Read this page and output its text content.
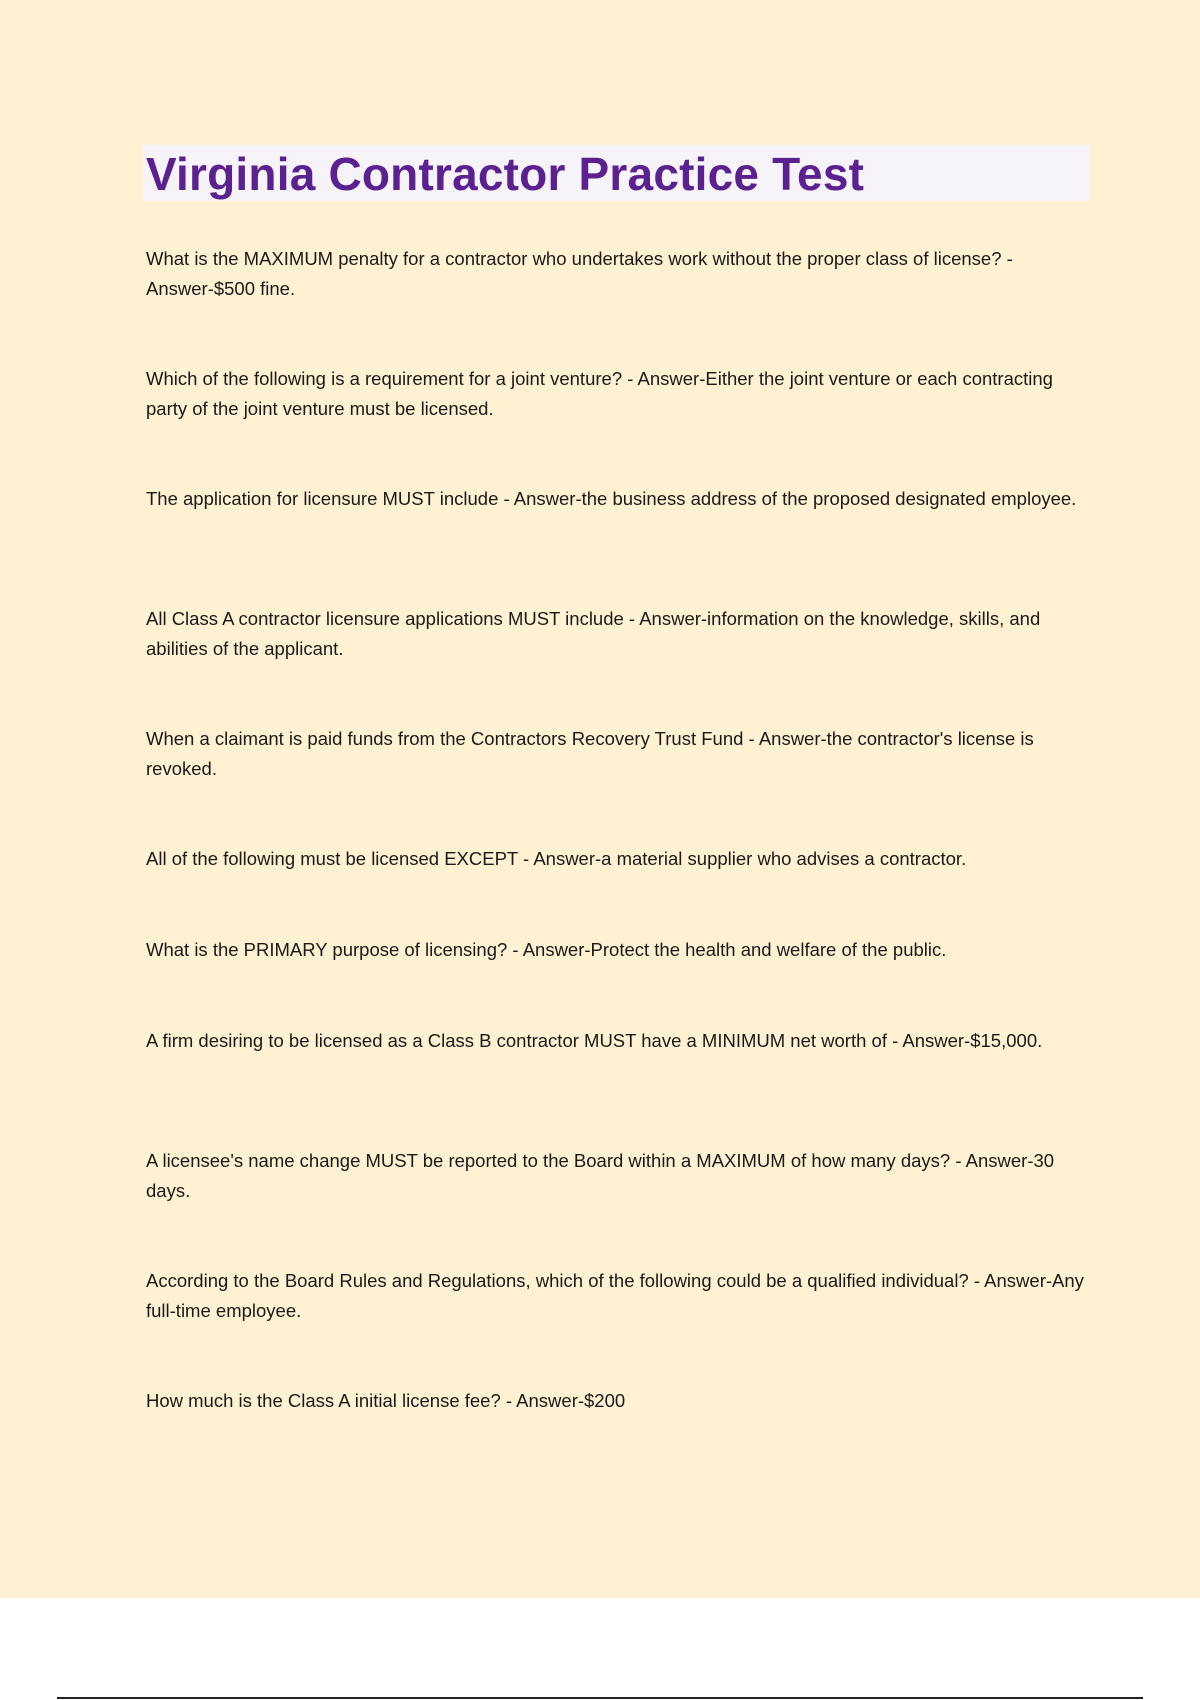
Virginia Contractor Practice Test

What is the MAXIMUM penalty for a contractor who undertakes work without the proper class of license? - Answer-$500 fine.

Which of the following is a requirement for a joint venture? - Answer-Either the joint venture or each contracting party of the joint venture must be licensed.

The application for licensure MUST include - Answer-the business address of the proposed designated employee.

All Class A contractor licensure applications MUST include - Answer-information on the knowledge, skills, and abilities of the applicant.

When a claimant is paid funds from the Contractors Recovery Trust Fund - Answer-the contractor's license is revoked.

All of the following must be licensed EXCEPT - Answer-a material supplier who advises a contractor.

What is the PRIMARY purpose of licensing? - Answer-Protect the health and welfare of the public.

A firm desiring to be licensed as a Class B contractor MUST have a MINIMUM net worth of - Answer-$15,000.

A licensee's name change MUST be reported to the Board within a MAXIMUM of how many days? - Answer-30 days.

According to the Board Rules and Regulations, which of the following could be a qualified individual? - Answer-Any full-time employee.

How much is the Class A initial license fee? - Answer-$200
